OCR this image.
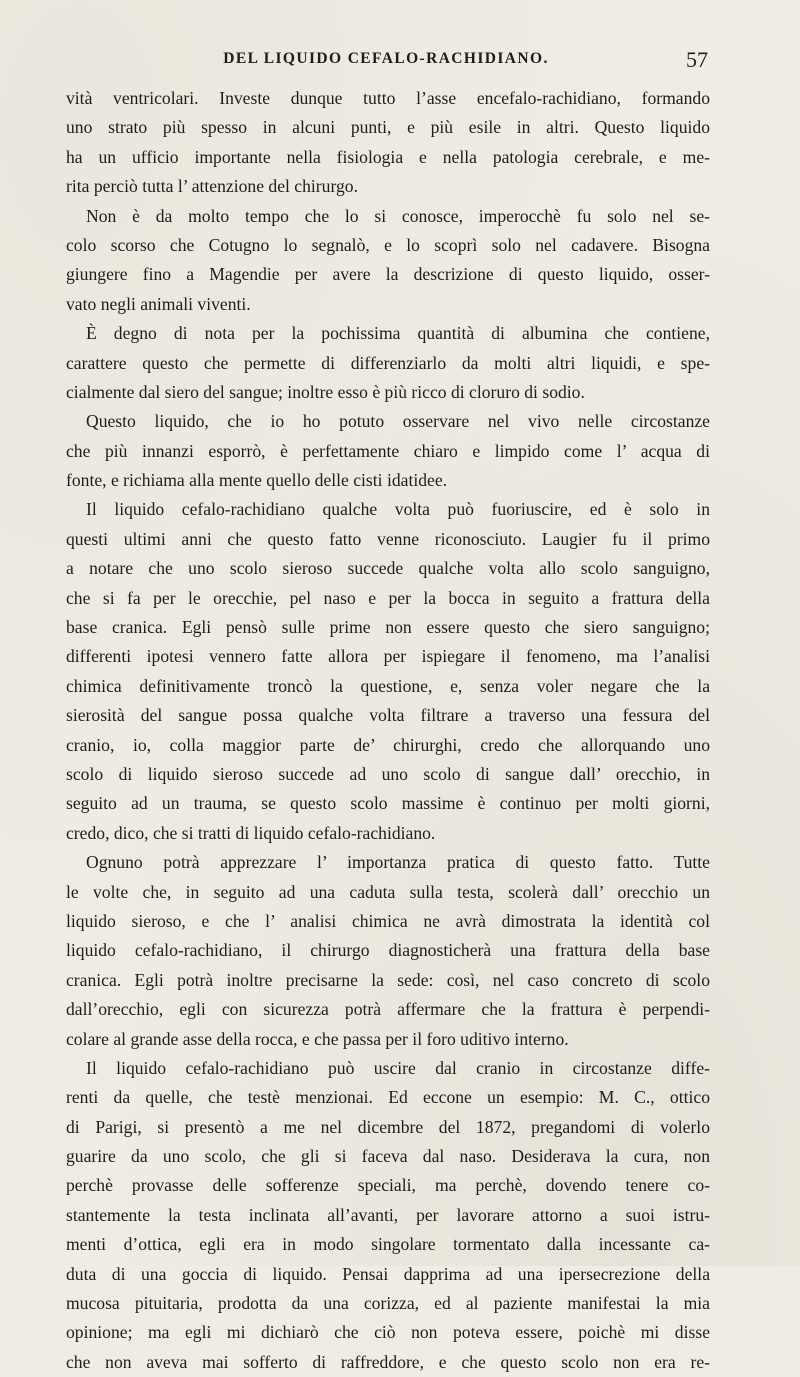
DEL LIQUIDO CEFALO-RACHIDIANO.	57
vità ventricolari. Investe dunque tutto l’asse encefalo-rachidiano, formando
uno strato più spesso in alcuni punti, e più esile in altri. Questo liquido
ha un ufficio importante nella fisiologia e nella patologia cerebrale, e me-
rita perciò tutta l’ attenzione del chirurgo.
Non è da molto tempo che lo si conosce, imperocchè fu solo nel se-
colo scorso che Cotugno lo segnalò, e lo scoprì solo nel cadavere. Bisogna
giungere fino a Magendie per avere la descrizione di questo liquido, osser-
vato negli animali viventi.
È degno di nota per la pochissima quantità di albumina che contiene,
carattere questo che permette di differenziarlo da molti altri liquidi, e spe-
cialmente dal siero del sangue; inoltre esso è più ricco di cloruro di sodio.
Questo liquido, che io ho potuto osservare nel vivo nelle circostanze
che più innanzi esporrò, è perfettamente chiaro e limpido come l’ acqua di
fonte, e richiama alla mente quello delle cisti idatidee.
Il liquido cefalo-rachidiano qualche volta può fuoriuscire, ed è solo in
questi ultimi anni che questo fatto venne riconosciuto. Laugier fu il primo
a notare che uno scolo sieroso succede qualche volta allo scolo sanguigno,
che si fa per le orecchie, pel naso e per la bocca in seguito a frattura della
base cranica. Egli pensò sulle prime non essere questo che siero sanguigno;
differenti ipotesi vennero fatte allora per ispiegare il fenomeno, ma l’analisi
chimica definitivamente troncò la questione, e, senza voler negare che la
sierosità del sangue possa qualche volta filtrare a traverso una fessura del
cranio, io, colla maggior parte de’ chirurghi, credo che allorquando uno
scolo di liquido sieroso succede ad uno scolo di sangue dall’ orecchio, in
seguito ad un trauma, se questo scolo massime è continuo per molti giorni,
credo, dico, che si tratti di liquido cefalo-rachidiano.
Ognuno potrà apprezzare l’ importanza pratica di questo fatto. Tutte
le volte che, in seguito ad una caduta sulla testa, scolerà dall’ orecchio un
liquido sieroso, e che l’ analisi chimica ne avrà dimostrata la identità col
liquido cefalo-rachidiano, il chirurgo diagnosticherà una frattura della base
cranica. Egli potrà inoltre precisarne la sede: così, nel caso concreto di scolo
dall’orecchio, egli con sicurezza potrà affermare che la frattura è perpendi-
colare al grande asse della rocca, e che passa per il foro uditivo interno.
Il liquido cefalo-rachidiano può uscire dal cranio in circostanze diffe-
renti da quelle, che testè menzionai. Ed eccone un esempio: M. C., ottico
di Parigi, si presentò a me nel dicembre del 1872, pregandomi di volerlo
guarire da uno scolo, che gli si faceva dal naso. Desiderava la cura, non
perchè provasse delle sofferenze speciali, ma perchè, dovendo tenere co-
stantemente la testa inclinata all’avanti, per lavorare attorno a suoi istru-
menti d’ottica, egli era in modo singolare tormentato dalla incessante ca-
duta di una goccia di liquido. Pensai dapprima ad una ipersecrezione della
mucosa pituitaria, prodotta da una corizza, ed al paziente manifestai la mia
opinione; ma egli mi dichiarò che ciò non poteva essere, poichè mi disse
che non aveva mai sofferto di raffreddore, e che questo scolo non era re-
